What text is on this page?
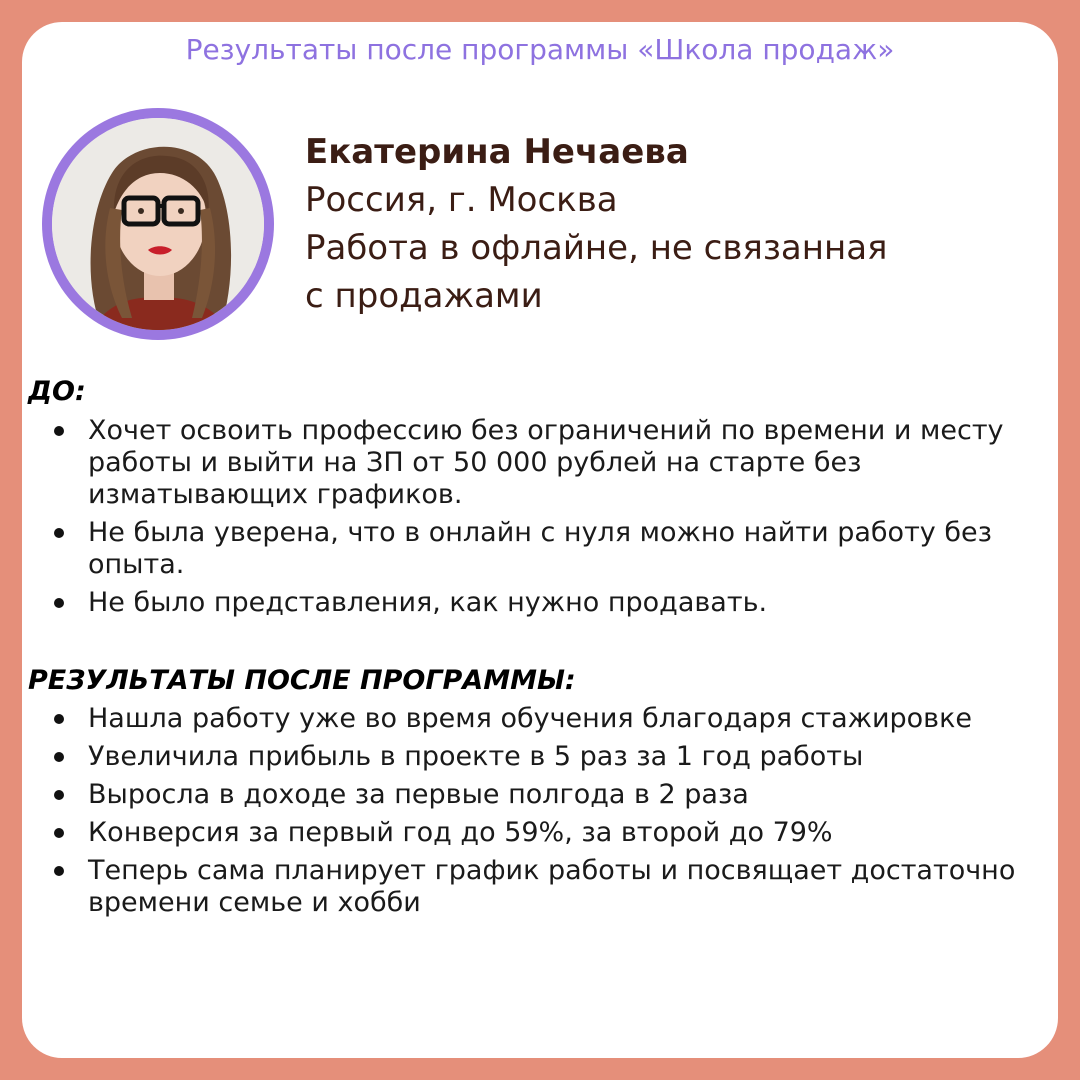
Результаты после программы «Школа продаж»
Екатерина Нечаева
Россия, г. Москва
Работа в офлайне, не связанная
с продажами
ДО:
Хочет освоить профессию без ограничений по времени и месту работы и выйти на ЗП от 50 000 рублей на старте без изматывающих графиков.
Не была уверена, что в онлайн с нуля можно найти работу без опыта.
Не было представления, как нужно продавать.
РЕЗУЛЬТАТЫ ПОСЛЕ ПРОГРАММЫ:
Нашла работу уже во время обучения благодаря стажировке
Увеличила прибыль в проекте в 5 раз за 1 год работы
Выросла в доходе за первые полгода в 2 раза
Конверсия за первый год до 59%, за второй до 79%
Теперь сама планирует график работы и посвящает достаточно времени семье и хобби
